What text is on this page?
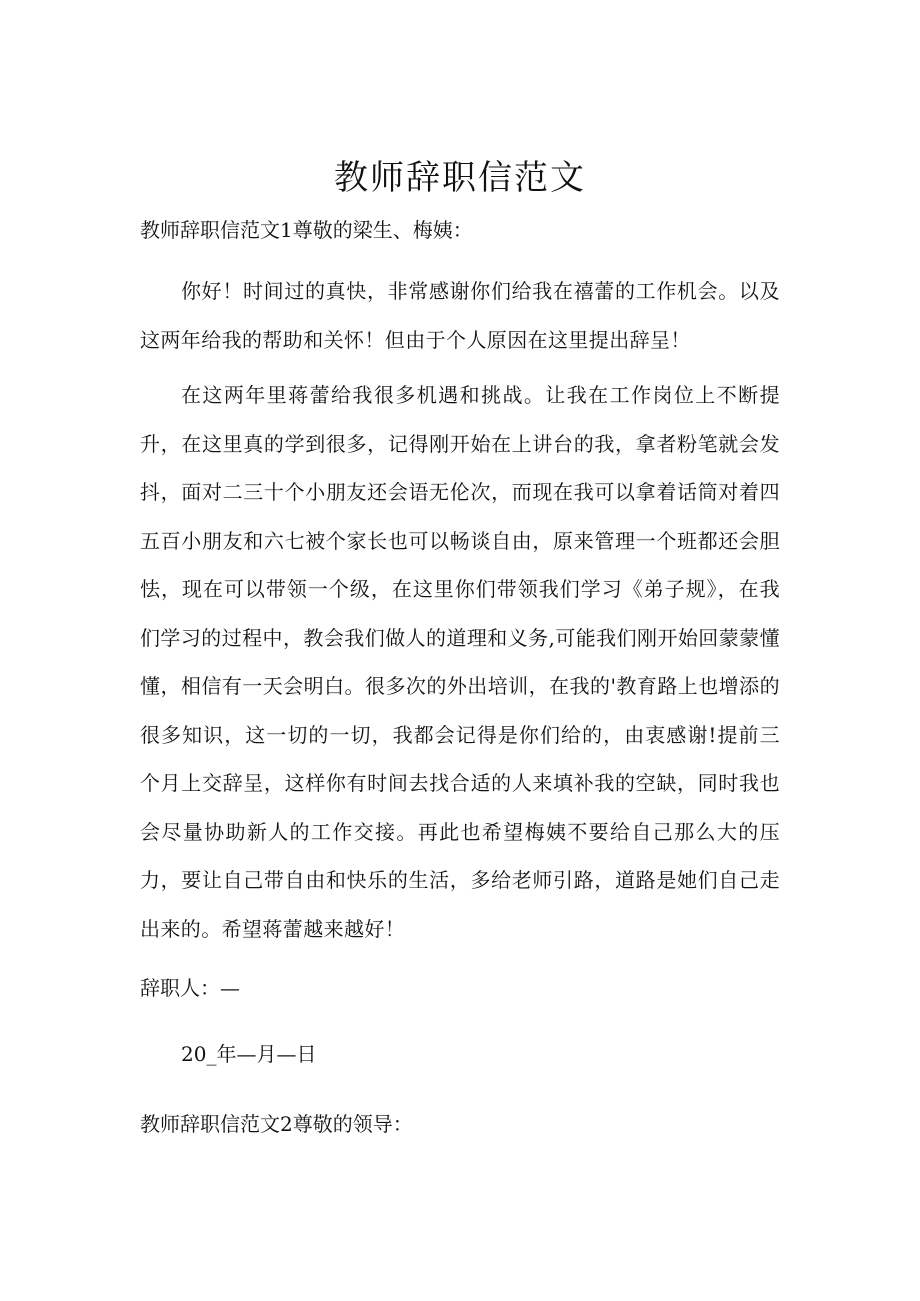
教师辞职信范文

教师辞职信范文1尊敬的梁生、梅姨：

你好！时间过的真快，非常感谢你们给我在禧蕾的工作机会。以及这两年给我的帮助和关怀！但由于个人原因在这里提出辞呈！

在这两年里蒋蕾给我很多机遇和挑战。让我在工作岗位上不断提升，在这里真的学到很多，记得刚开始在上讲台的我，拿者粉笔就会发抖，面对二三十个小朋友还会语无伦次，而现在我可以拿着话筒对着四五百小朋友和六七被个家长也可以畅谈自由，原来管理一个班都还会胆怯，现在可以带领一个级，在这里你们带领我们学习《弟子规》，在我们学习的过程中，教会我们做人的道理和义务,可能我们刚开始回蒙蒙懂懂，相信有一天会明白。很多次的外出培训，在我的'教育路上也增添的很多知识，这一切的一切，我都会记得是你们给的，由衷感谢!提前三个月上交辞呈，这样你有时间去找合适的人来填补我的空缺，同时我也会尽量协助新人的工作交接。再此也希望梅姨不要给自己那么大的压力，要让自己带自由和快乐的生活，多给老师引路，道路是她们自己走出来的。希望蒋蕾越来越好！

辞职人：—

20_年—月—日

教师辞职信范文2尊敬的领导：
